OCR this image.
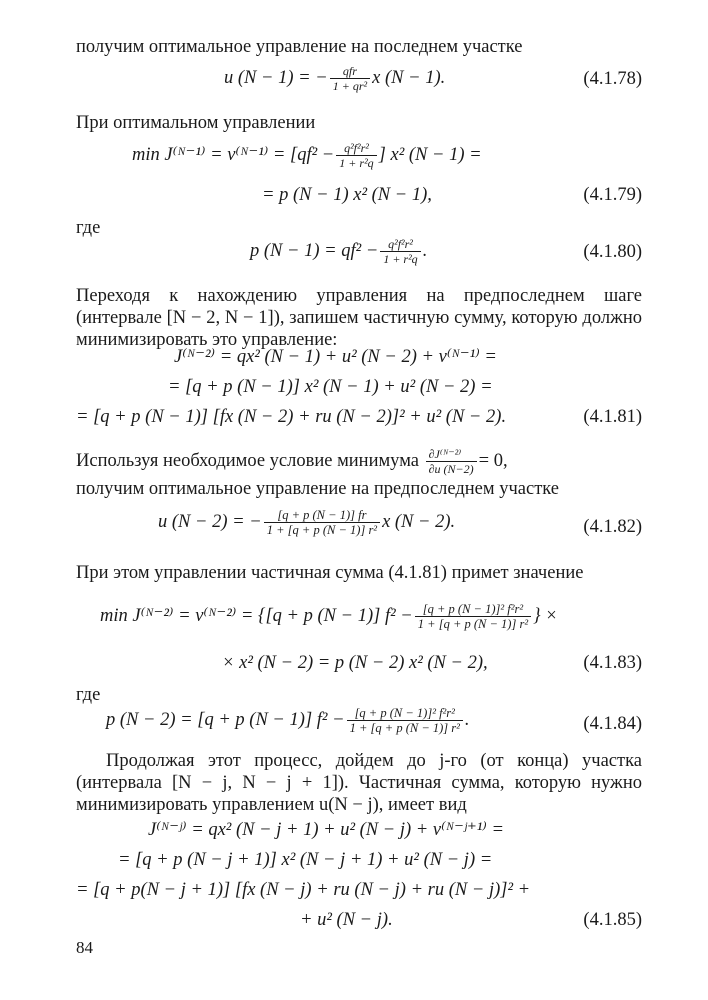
получим оптимальное управление на последнем участке
u (N − 1) = − $\frac{\text{qfr}}{\text{1 + qr²}}$ x (N − 1).	(4.1.78)
При оптимальном управлении
min J⁽ᴺ⁻¹⁾ = v⁽ᴺ⁻¹⁾ = [$qf^2 - \frac{\text{q²f²r²}}{\text{1 + r²q}}$ ] x² (N − 1) =
= p (N − 1) x² (N − 1),	(4.1.79)
где
p $(N - 1) = qf^2 - \frac{\text{q²f²r²}}{\text{1 + r²q}}$ .	(4.1.80)
Переходя к нахождению управления на предпоследнем шаге (интервале [N − 2, N − 1]), запишем частичную сумму, которую должно минимизировать это управление:
J⁽ᴺ⁻²⁾ = qx² (N − 1) + u² (N − 2) + v⁽ᴺ⁻¹⁾ =
= [q + p (N − 1)] x² (N − 1) + u² (N − 2) =
= [q + p (N − 1)] [fx (N − 2) + ru (N − 2)]² + u² (N − 2).	(4.1.81)
Используя необходимое условие минимума $\frac{\text{∂J⁽ᴺ⁻²⁾}}{\partial u (N-2)} = 0$,
получим оптимальное управление на предпоследнем участке
u (N − 2) = − $\frac{[q + p (N - 1)] fr}{\text{1 + [q + p (N − 1)] r²}}$ x (N − 2).	(4.1.82)
При этом управлении частичная сумма (4.1.81) примет значение
min J⁽ᴺ⁻²⁾ = v⁽ᴺ⁻²⁾ = {[q + p (N − 1)] $f^2 - \frac{\text{[q + p (N − 1)]² f²r²}}{\text{1 + [q + p (N − 1)] r²}}$ } ×
× x² (N − 2) = p (N − 2) x² (N − 2),	(4.1.83)
где
p (N − 2) = [q + p (N − 1)] $f^2 - \frac{\text{[q + p (N − 1)]² f²r²}}{\text{1 + [q + p (N − 1)] r²}}$ .	(4.1.84)
Продолжая этот процесс, дойдем до j-го (от конца) участка (интервала [N − j, N − j + 1]). Частичная сумма, которую нужно минимизировать управлением u(N − j), имеет вид
J⁽ᴺ⁻ʲ⁾ = qx² (N − j + 1) + u² (N − j) + v⁽ᴺ⁻ʲ⁺¹⁾ =
= [q + p (N − j + 1)] x² (N − j + 1) + u² (N − j) =
= [q + p(N − j + 1)] [fx (N − j) + ru (N − j) + ru (N − j)]² +
+ u² (N − j).	(4.1.85)
84
